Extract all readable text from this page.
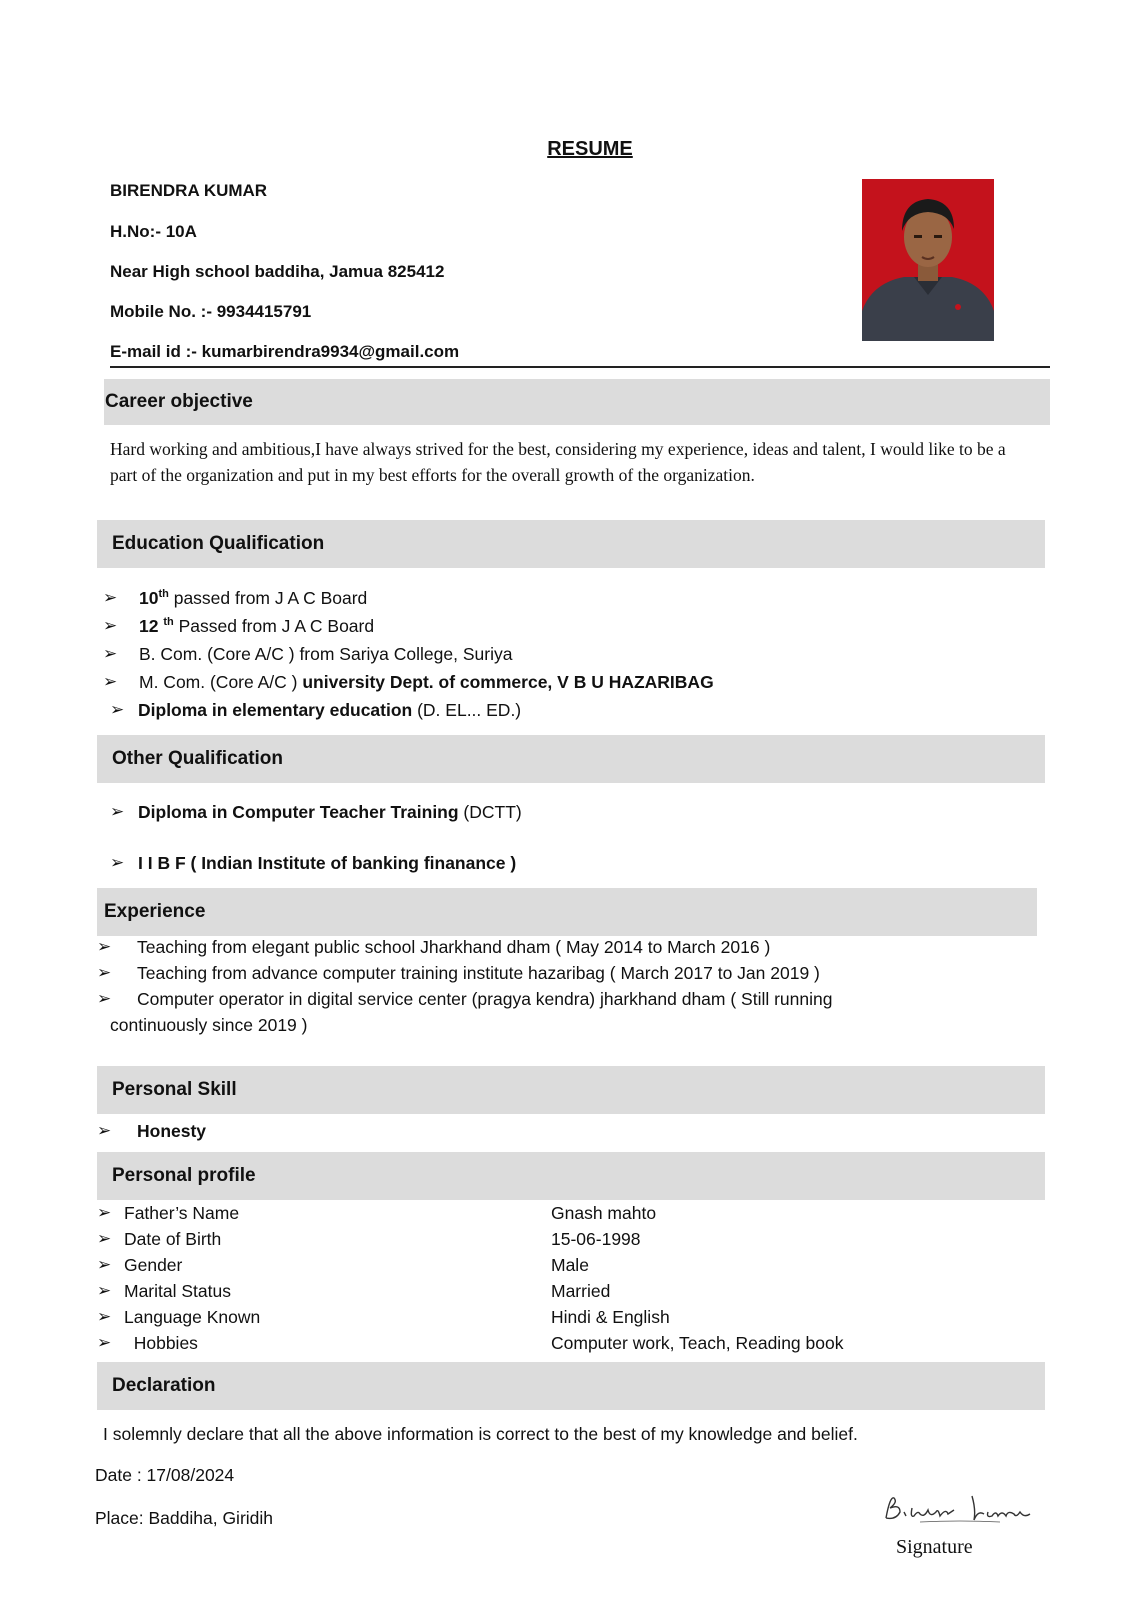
RESUME
BIRENDRA KUMAR
H.No:- 10A
Near High school baddiha, Jamua 825412
Mobile No. :- 9934415791
E-mail id :- kumarbirendra9934@gmail.com
Career objective
Hard working and ambitious,I have always strived for the best, considering my experience, ideas and talent, I would like to be a part of the organization and put in my best efforts for the overall growth of the organization.
Education Qualification
➢	10th passed from J A C Board
➢	12 $^{th}$ Passed from J A C Board
➢	B. Com. (Core A/C ) from Sariya College, Suriya
➢	M. Com. (Core A/C ) university Dept. of commerce, V B U HAZARIBAG
➢ Diploma in elementary education (D. EL... ED.)
Other Qualification
➢ Diploma in Computer Teacher Training (DCTT)
➢ I I B F ( Indian Institute of banking finanance )
Experience
➢	Teaching from elegant public school Jharkhand dham ( May 2014 to March 2016 )
➢	Teaching from advance computer training institute hazaribag ( March 2017 to Jan 2019 )
➢	Computer operator in digital service center (pragya kendra) jharkhand dham ( Still running
continuously since 2019 )
Personal Skill
➢	Honesty
Personal profile
➢ Father’s Name	Gnash mahto
➢ Date of Birth	15-06-1998
➢ Gender	Male
➢ Marital Status	Married
➢ Language Known	Hindi & English
➢ Hobbies	Computer work, Teach, Reading book
Declaration
I solemnly declare that all the above information is correct to the best of my knowledge and belief.
Date : 17/08/2024
Place: Baddiha, Giridih
Signature
